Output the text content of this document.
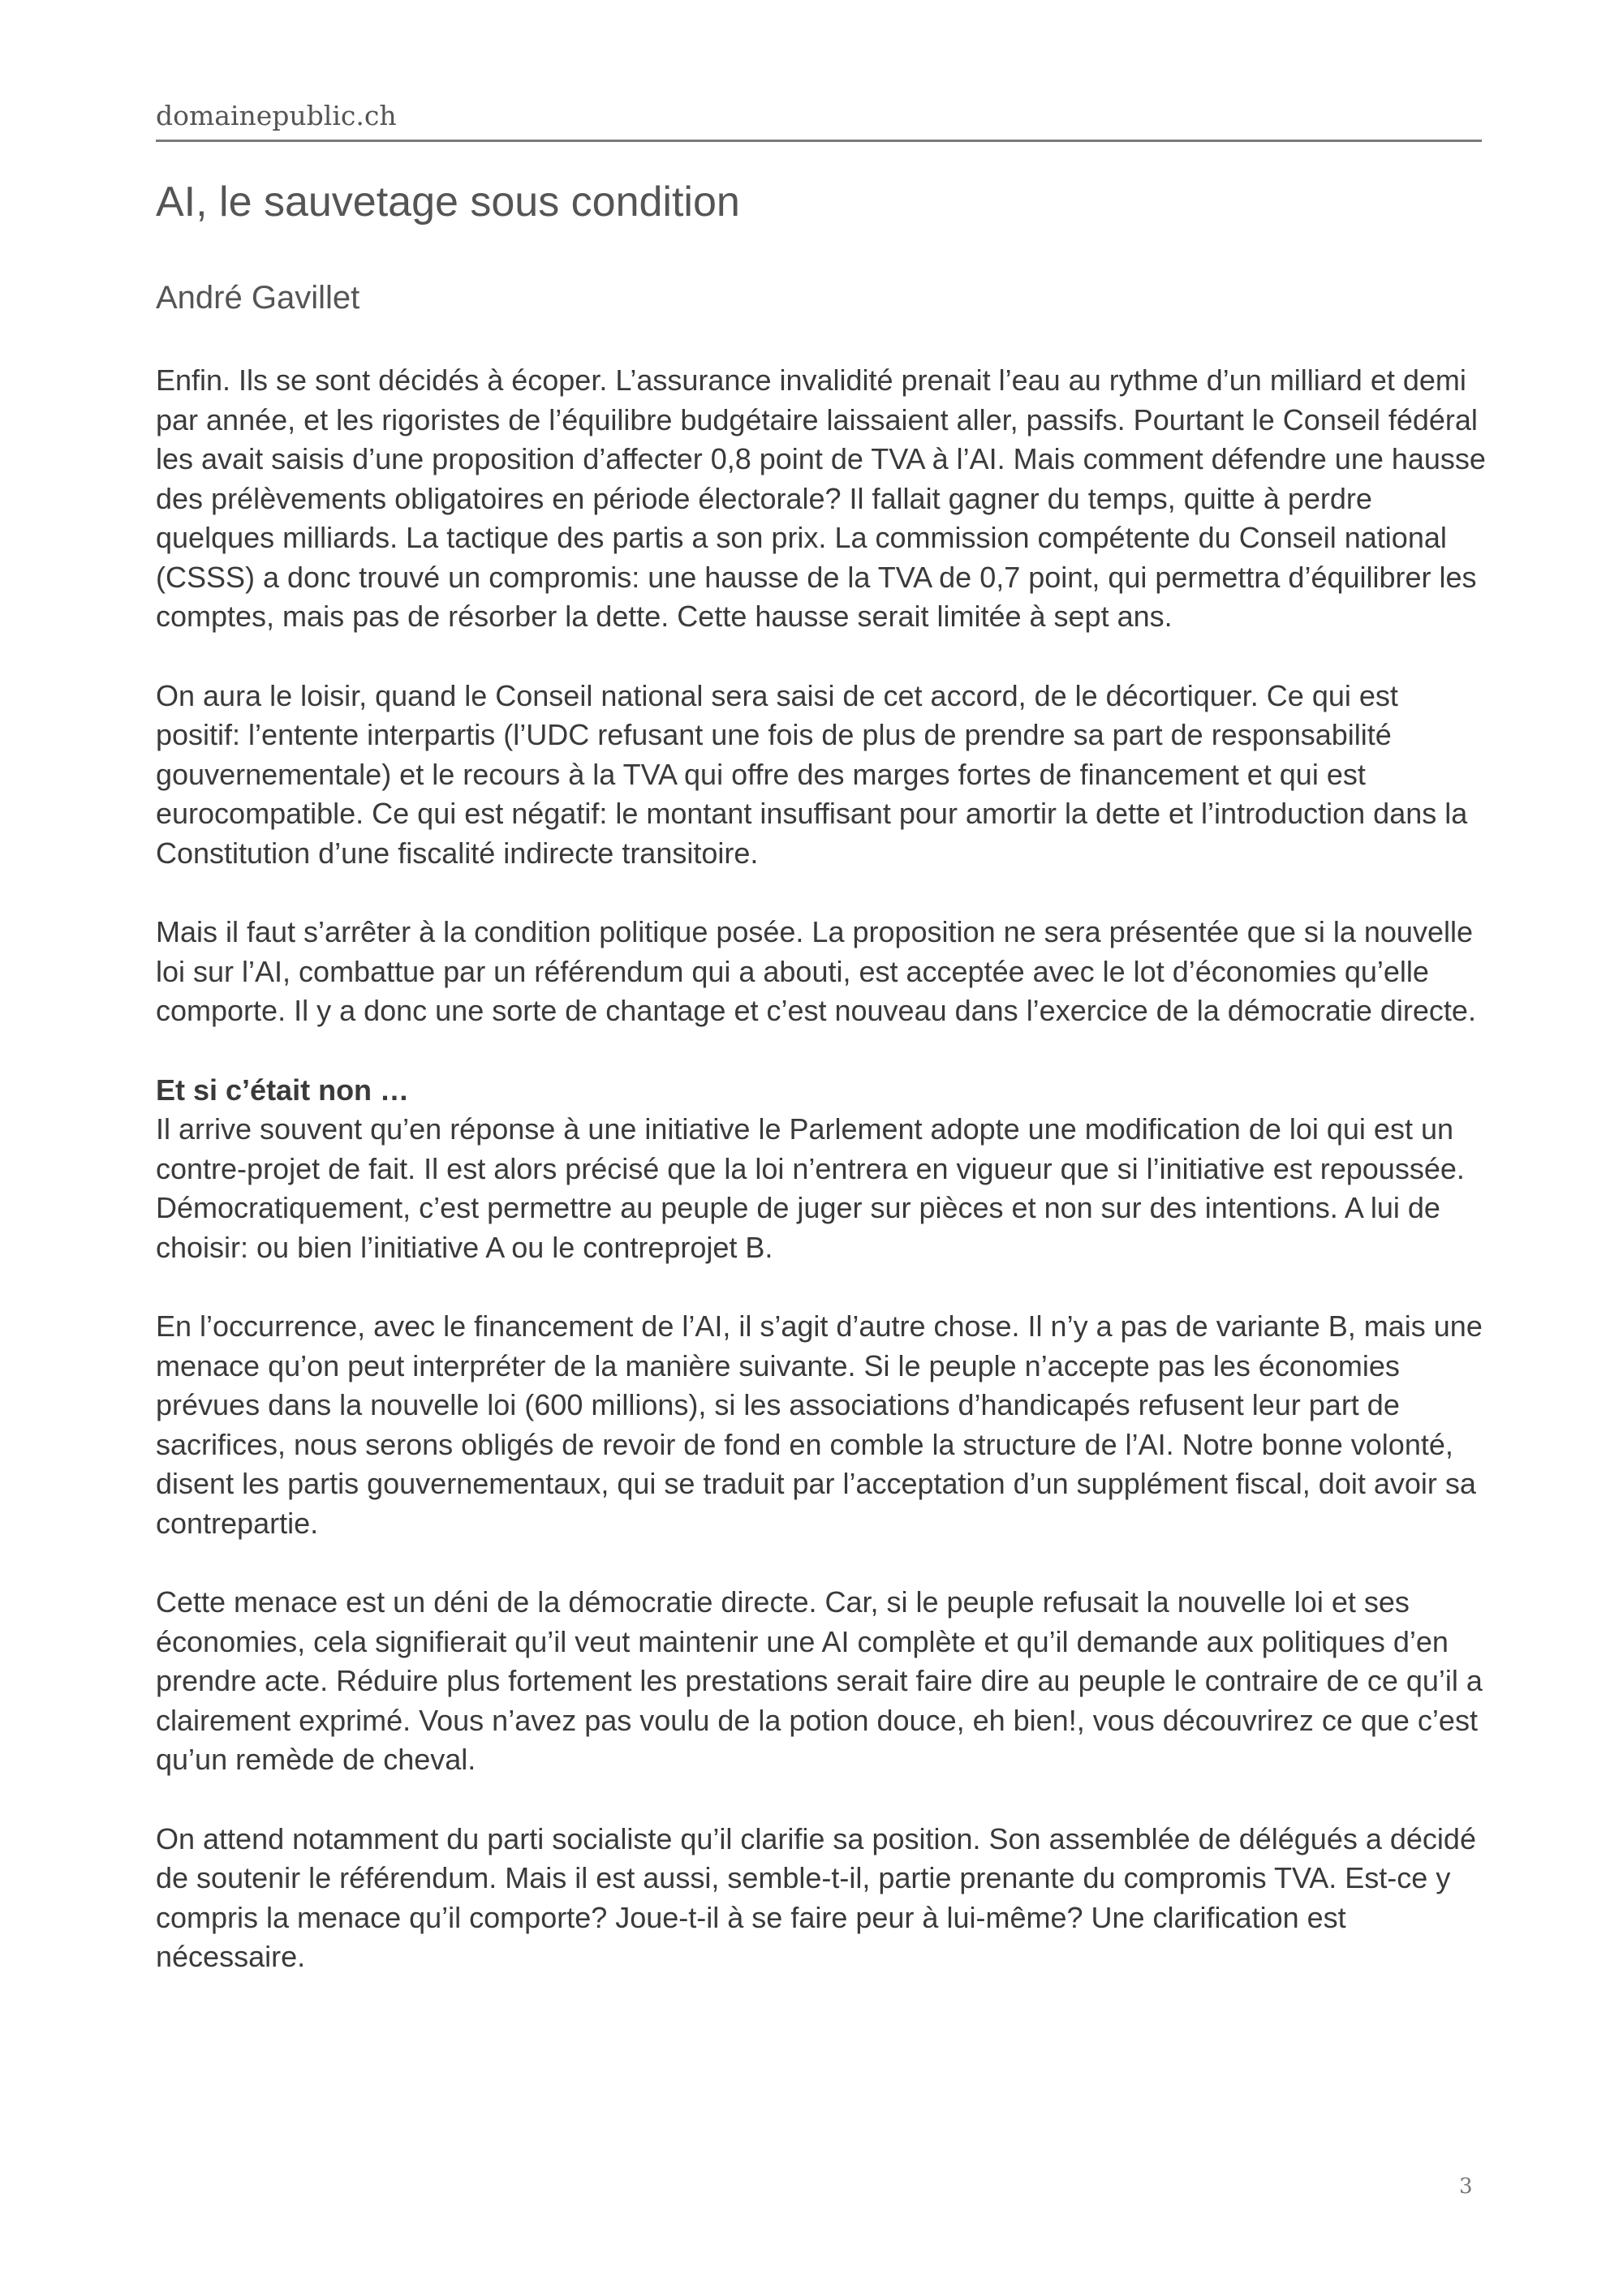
domainepublic.ch
AI, le sauvetage sous condition
André Gavillet

Enfin. Ils se sont décidés à écoper. L’assurance invalidité prenait l’eau au rythme d’un milliard et demi par année, et les rigoristes de l’équilibre budgétaire laissaient aller, passifs. Pourtant le Conseil fédéral les avait saisis d’une proposition d’affecter 0,8 point de TVA à l’AI. Mais comment défendre une hausse des prélèvements obligatoires en période électorale? Il fallait gagner du temps, quitte à perdre quelques milliards. La tactique des partis a son prix. La commission compétente du Conseil national (CSSS) a donc trouvé un compromis: une hausse de la TVA de 0,7 point, qui permettra d’équilibrer les comptes, mais pas de résorber la dette. Cette hausse serait limitée à sept ans.

On aura le loisir, quand le Conseil national sera saisi de cet accord, de le décortiquer. Ce qui est positif: l’entente interpartis (l’UDC refusant une fois de plus de prendre sa part de responsabilité gouvernementale) et le recours à la TVA qui offre des marges fortes de financement et qui est eurocompatible. Ce qui est négatif: le montant insuffisant pour amortir la dette et l’introduction dans la Constitution d’une fiscalité indirecte transitoire.

Mais il faut s’arrêter à la condition politique posée. La proposition ne sera présentée que si la nouvelle loi sur l’AI, combattue par un référendum qui a abouti, est acceptée avec le lot d’économies qu’elle comporte. Il y a donc une sorte de chantage et c’est nouveau dans l’exercice de la démocratie directe.

Et si c’était non …
Il arrive souvent qu’en réponse à une initiative le Parlement adopte une modification de loi qui est un contre-projet de fait. Il est alors précisé que la loi n’entrera en vigueur que si l’initiative est repoussée. Démocratiquement, c’est permettre au peuple de juger sur pièces et non sur des intentions. A lui de choisir: ou bien l’initiative A ou le contreprojet B.

En l’occurrence, avec le financement de l’AI, il s’agit d’autre chose. Il n’y a pas de variante B, mais une menace qu’on peut interpréter de la manière suivante. Si le peuple n’accepte pas les économies prévues dans la nouvelle loi (600 millions), si les associations d’handicapés refusent leur part de sacrifices, nous serons obligés de revoir de fond en comble la structure de l’AI. Notre bonne volonté, disent les partis gouvernementaux, qui se traduit par l’acceptation d’un supplément fiscal, doit avoir sa contrepartie.

Cette menace est un déni de la démocratie directe. Car, si le peuple refusait la nouvelle loi et ses économies, cela signifierait qu’il veut maintenir une AI complète et qu’il demande aux politiques d’en prendre acte. Réduire plus fortement les prestations serait faire dire au peuple le contraire de ce qu’il a clairement exprimé. Vous n’avez pas voulu de la potion douce, eh bien!, vous découvrirez ce que c’est qu’un remède de cheval.

On attend notamment du parti socialiste qu’il clarifie sa position. Son assemblée de délégués a décidé de soutenir le référendum. Mais il est aussi, semble-t-il, partie prenante du compromis TVA. Est-ce y compris la menace qu’il comporte? Joue-t-il à se faire peur à lui-même? Une clarification est nécessaire.

3
